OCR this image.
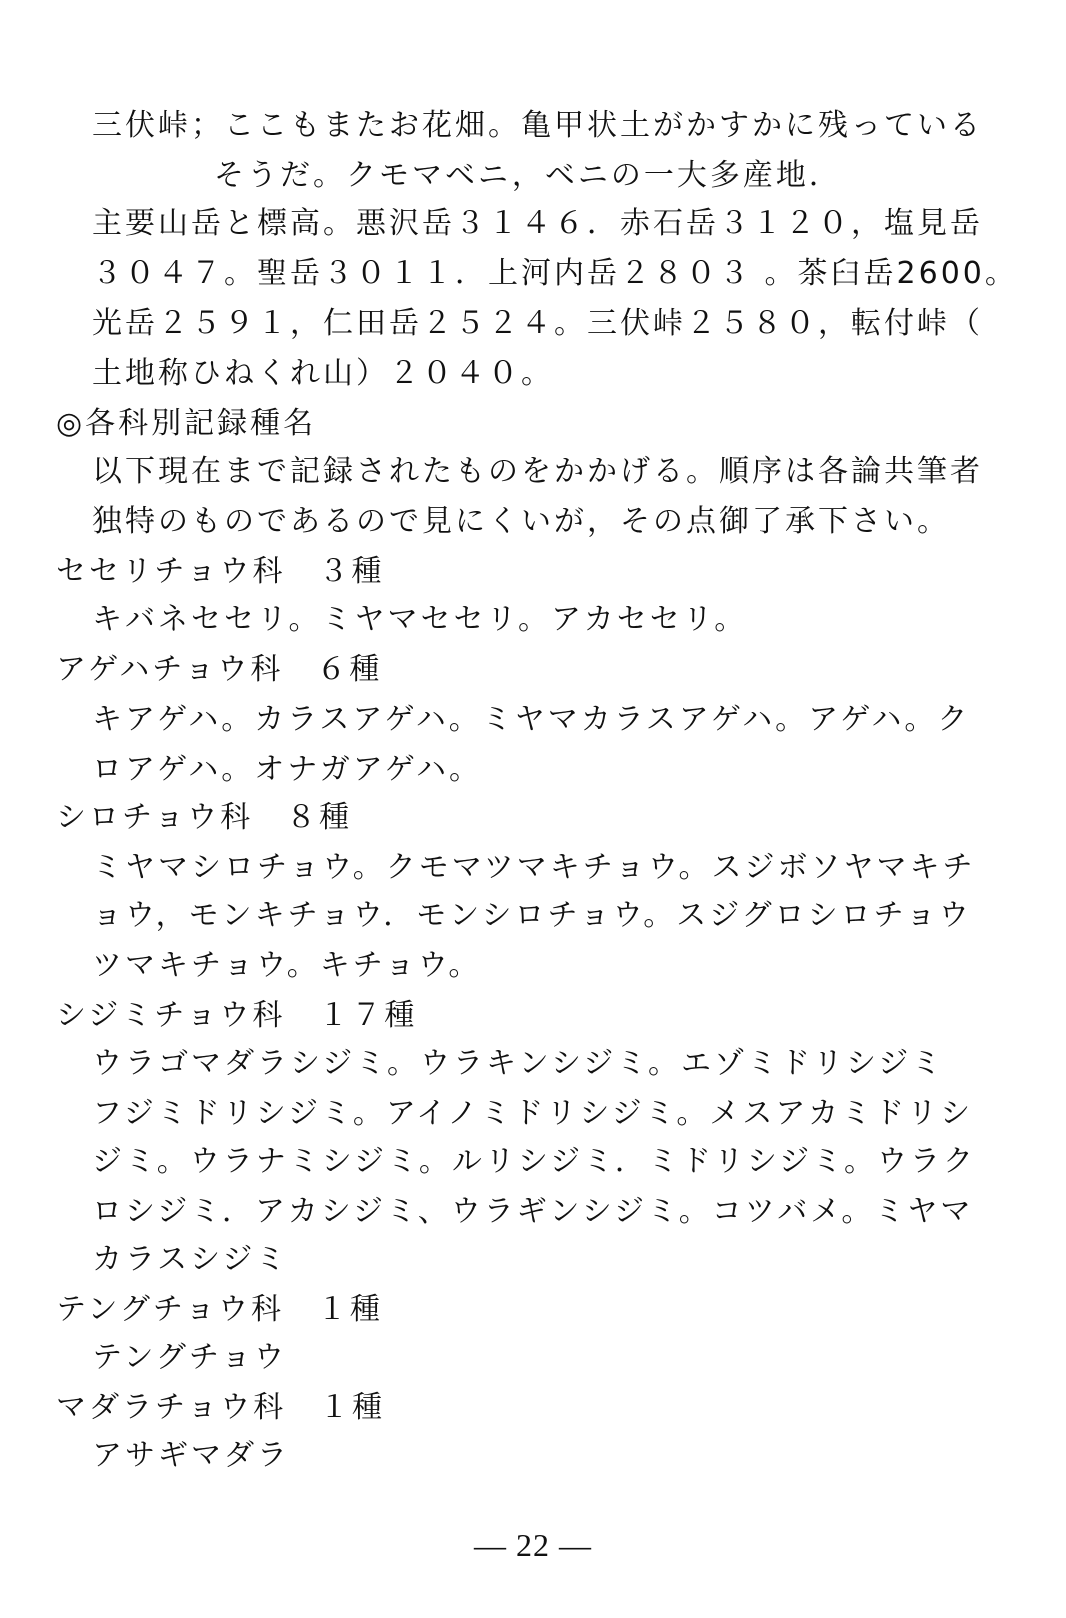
三伏峠；ここもまたお花畑。亀甲状土がかすかに残っている
そうだ。クモマベニ，ベニの一大多産地．
主要山岳と標高。悪沢岳３１４６．赤石岳３１２０，塩見岳
３０４７。聖岳３０１１．上河内岳２８０３ 。茶臼岳2600。
光岳２５９１，仁田岳２５２４。三伏峠２５８０，転付峠（
土地称ひねくれ山）２０４０。
◎各科別記録種名
以下現在まで記録されたものをかかげる。順序は各論共筆者
独特のものであるので見にくいが，その点御了承下さい。
セセリチョウ科　３種
キバネセセリ。ミヤマセセリ。アカセセリ。
アゲハチョウ科　６種
キアゲハ。カラスアゲハ。ミヤマカラスアゲハ。アゲハ。ク
ロアゲハ。オナガアゲハ。
シロチョウ科　８種
ミヤマシロチョウ。クモマツマキチョウ。スジボソヤマキチ
ョウ，モンキチョウ．モンシロチョウ。スジグロシロチョウ
ツマキチョウ。キチョウ。
シジミチョウ科　１７種
ウラゴマダラシジミ。ウラキンシジミ。エゾミドリシジミ
フジミドリシジミ。アイノミドリシジミ。メスアカミドリシ
ジミ。ウラナミシジミ。ルリシジミ．ミドリシジミ。ウラク
ロシジミ．アカシジミ、ウラギンシジミ。コツバメ。ミヤマ
カラスシジミ
テングチョウ科　１種
テングチョウ
マダラチョウ科　１種
アサギマダラ
— 22 —
